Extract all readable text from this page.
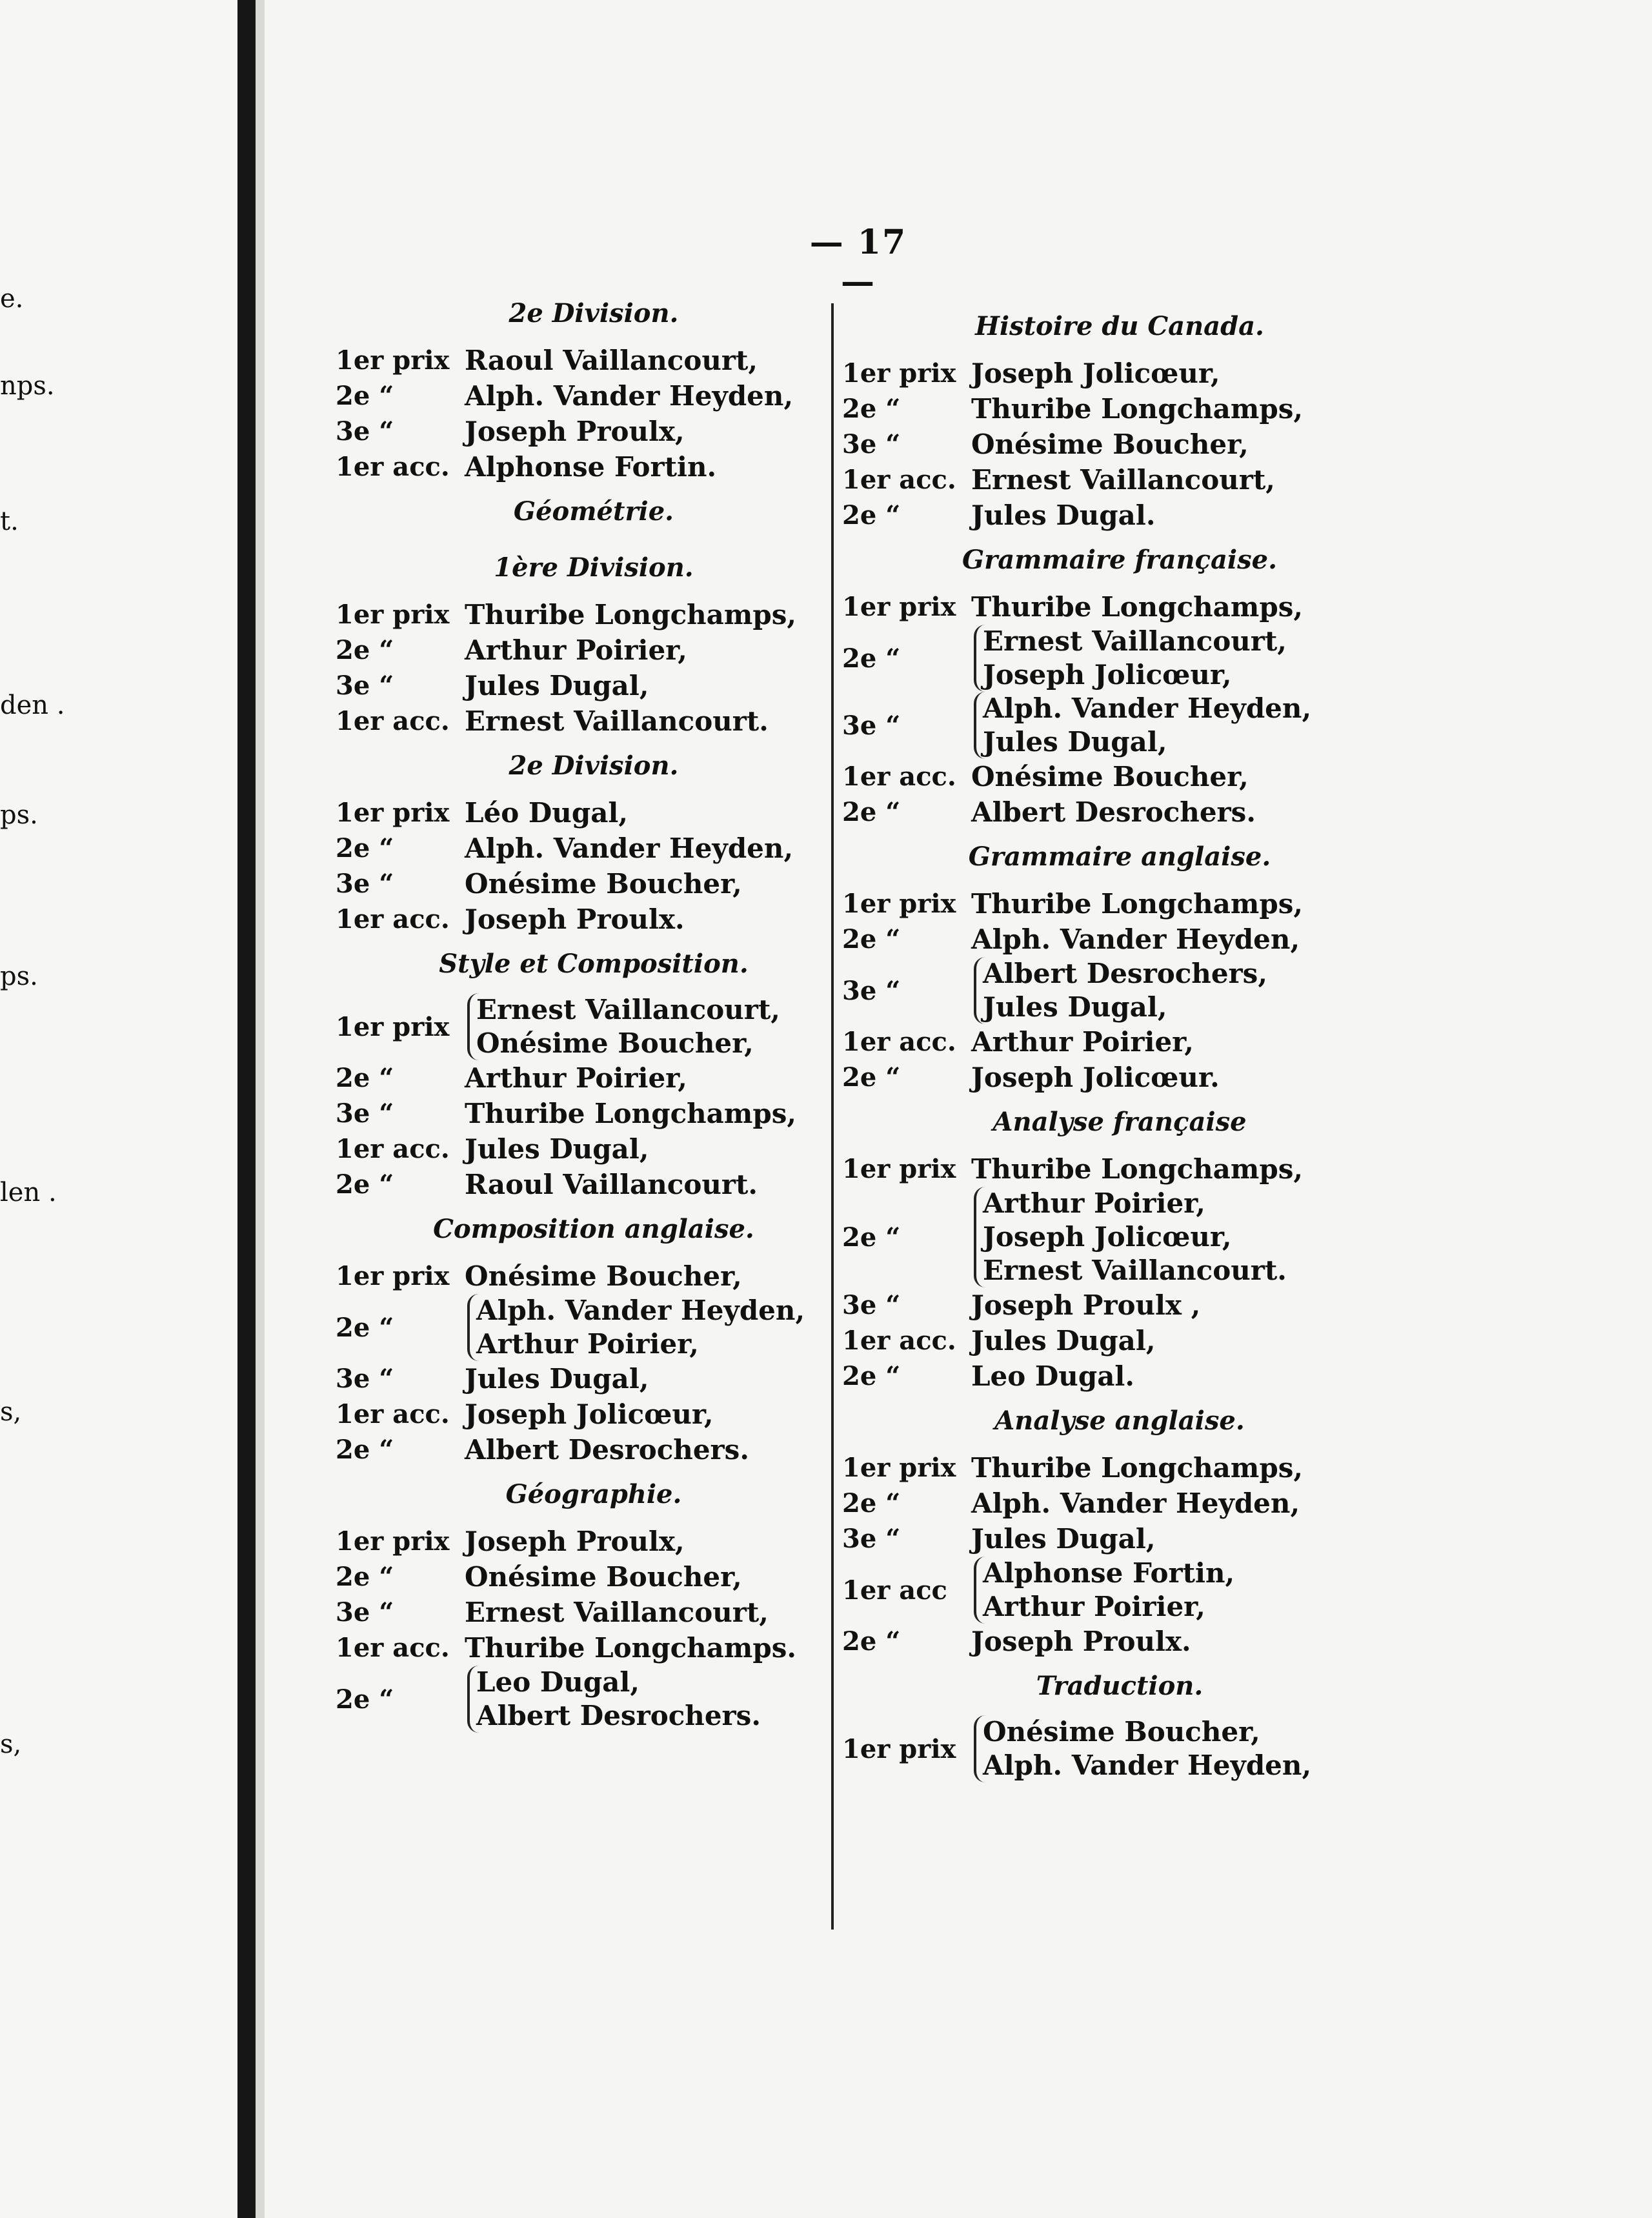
e.
nps.
t.
den .
ps.
ps.
len .
s,
s,
— 17 —
2e Division.
1er prix Raoul Vaillancourt,
2e “	Alph. Vander Heyden,
3e “	Joseph Proulx,
1er acc. Alphonse Fortin.
Géométrie.
1ère Division.
1er prix Thuribe Longchamps,
2e “	Arthur Poirier,
3e “	Jules Dugal,
1er acc. Ernest Vaillancourt.
2e Division.
1er prix Léo Dugal,
2e “	Alph. Vander Heyden,
3e “	Onésime Boucher,
1er acc. Joseph Proulx.
Style et Composition.
1er prix
Ernest Vaillancourt,
Onésime Boucher,
2e “	Arthur Poirier,
3e “	Thuribe Longchamps,
1er acc. Jules Dugal,
2e “	Raoul Vaillancourt.
Composition anglaise.
1er prix Onésime Boucher,
2e “
Alph. Vander Heyden,
Arthur Poirier,
3e “	Jules Dugal,
1er acc. Joseph Jolicœur,
2e “	Albert Desrochers.
Géographie.
1er prix Joseph Proulx,
2e “	Onésime Boucher,
3e “	Ernest Vaillancourt,
1er acc. Thuribe Longchamps.
2e “
Leo Dugal,
Albert Desrochers.
Histoire du Canada.
1er prix Joseph Jolicœur,
2e “	Thuribe Longchamps,
3e “	Onésime Boucher,
1er acc. Ernest Vaillancourt,
2e “	Jules Dugal.
Grammaire française.
1er prix Thuribe Longchamps,
2e “
Ernest Vaillancourt,
Joseph Jolicœur,
3e “
Alph. Vander Heyden,
Jules Dugal,
1er acc. Onésime Boucher,
2e “	Albert Desrochers.
Grammaire anglaise.
1er prix Thuribe Longchamps,
2e “	Alph. Vander Heyden,
3e “
Albert Desrochers,
Jules Dugal,
1er acc. Arthur Poirier,
2e “	Joseph Jolicœur.
Analyse française
1er prix Thuribe Longchamps,
2e “
Arthur Poirier,
Joseph Jolicœur,
Ernest Vaillancourt.
3e “	Joseph Proulx ,
1er acc. Jules Dugal,
2e “	Leo Dugal.
Analyse anglaise.
1er prix Thuribe Longchamps,
2e “	Alph. Vander Heyden,
3e “	Jules Dugal,
1er acc
Alphonse Fortin,
Arthur Poirier,
2e “	Joseph Proulx.
Traduction.
1er prix
Onésime Boucher,
Alph. Vander Heyden,
